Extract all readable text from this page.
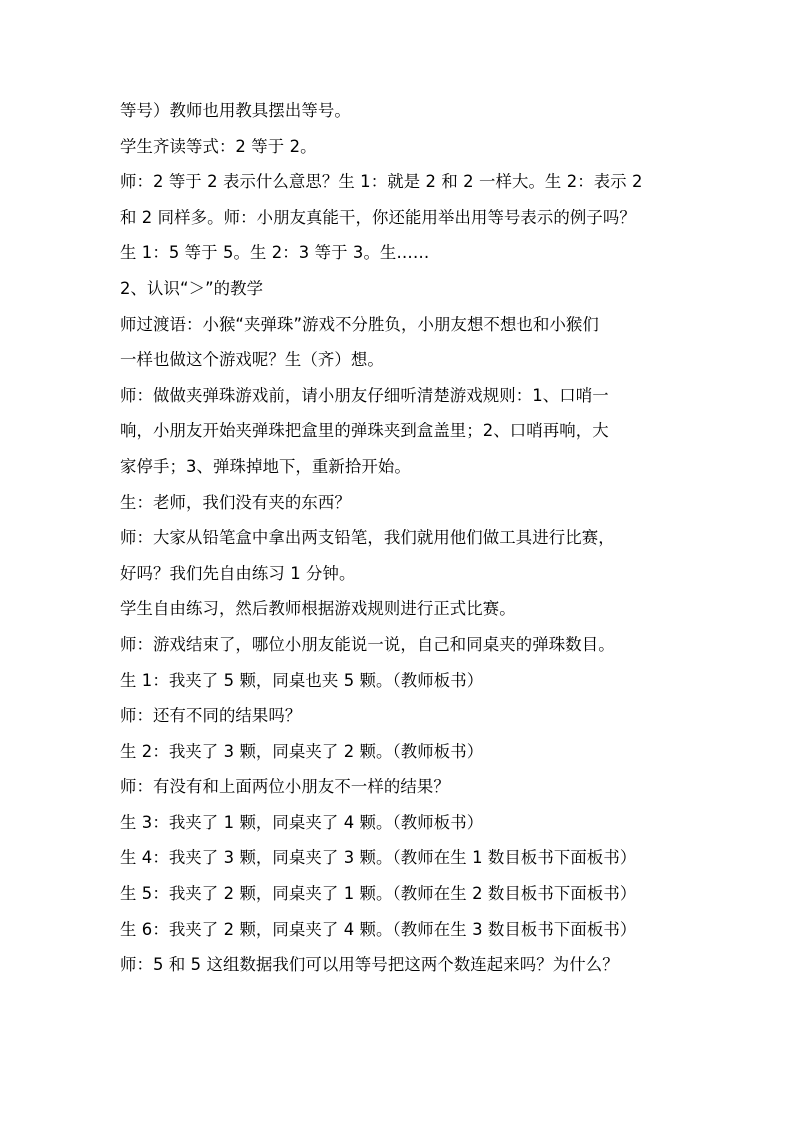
等号）教师也用教具摆出等号。
学生齐读等式：2 等于 2。
师：2 等于 2 表示什么意思？生 1：就是 2 和 2 一样大。生 2：表示 2
和 2 同样多。师：小朋友真能干，你还能用举出用等号表示的例子吗？
生 1：5 等于 5。生 2：3 等于 3。生……
2、认识“＞”的教学
师过渡语：小猴“夹弹珠”游戏不分胜负，小朋友想不想也和小猴们
一样也做这个游戏呢？生（齐）想。
师：做做夹弹珠游戏前，请小朋友仔细听清楚游戏规则：1、口哨一
响，小朋友开始夹弹珠把盒里的弹珠夹到盒盖里；2、口哨再响，大
家停手；3、弹珠掉地下，重新拾开始。
生：老师，我们没有夹的东西？
师：大家从铅笔盒中拿出两支铅笔，我们就用他们做工具进行比赛，
好吗？我们先自由练习 1 分钟。
学生自由练习，然后教师根据游戏规则进行正式比赛。
师：游戏结束了，哪位小朋友能说一说，自己和同桌夹的弹珠数目。
生 1：我夹了 5 颗，同桌也夹 5 颗。（教师板书）
师：还有不同的结果吗？
生 2：我夹了 3 颗，同桌夹了 2 颗。（教师板书）
师：有没有和上面两位小朋友不一样的结果？
生 3：我夹了 1 颗，同桌夹了 4 颗。（教师板书）
生 4：我夹了 3 颗，同桌夹了 3 颗。（教师在生 1 数目板书下面板书）
生 5：我夹了 2 颗，同桌夹了 1 颗。（教师在生 2 数目板书下面板书）
生 6：我夹了 2 颗，同桌夹了 4 颗。（教师在生 3 数目板书下面板书）
师：5 和 5 这组数据我们可以用等号把这两个数连起来吗？为什么？
